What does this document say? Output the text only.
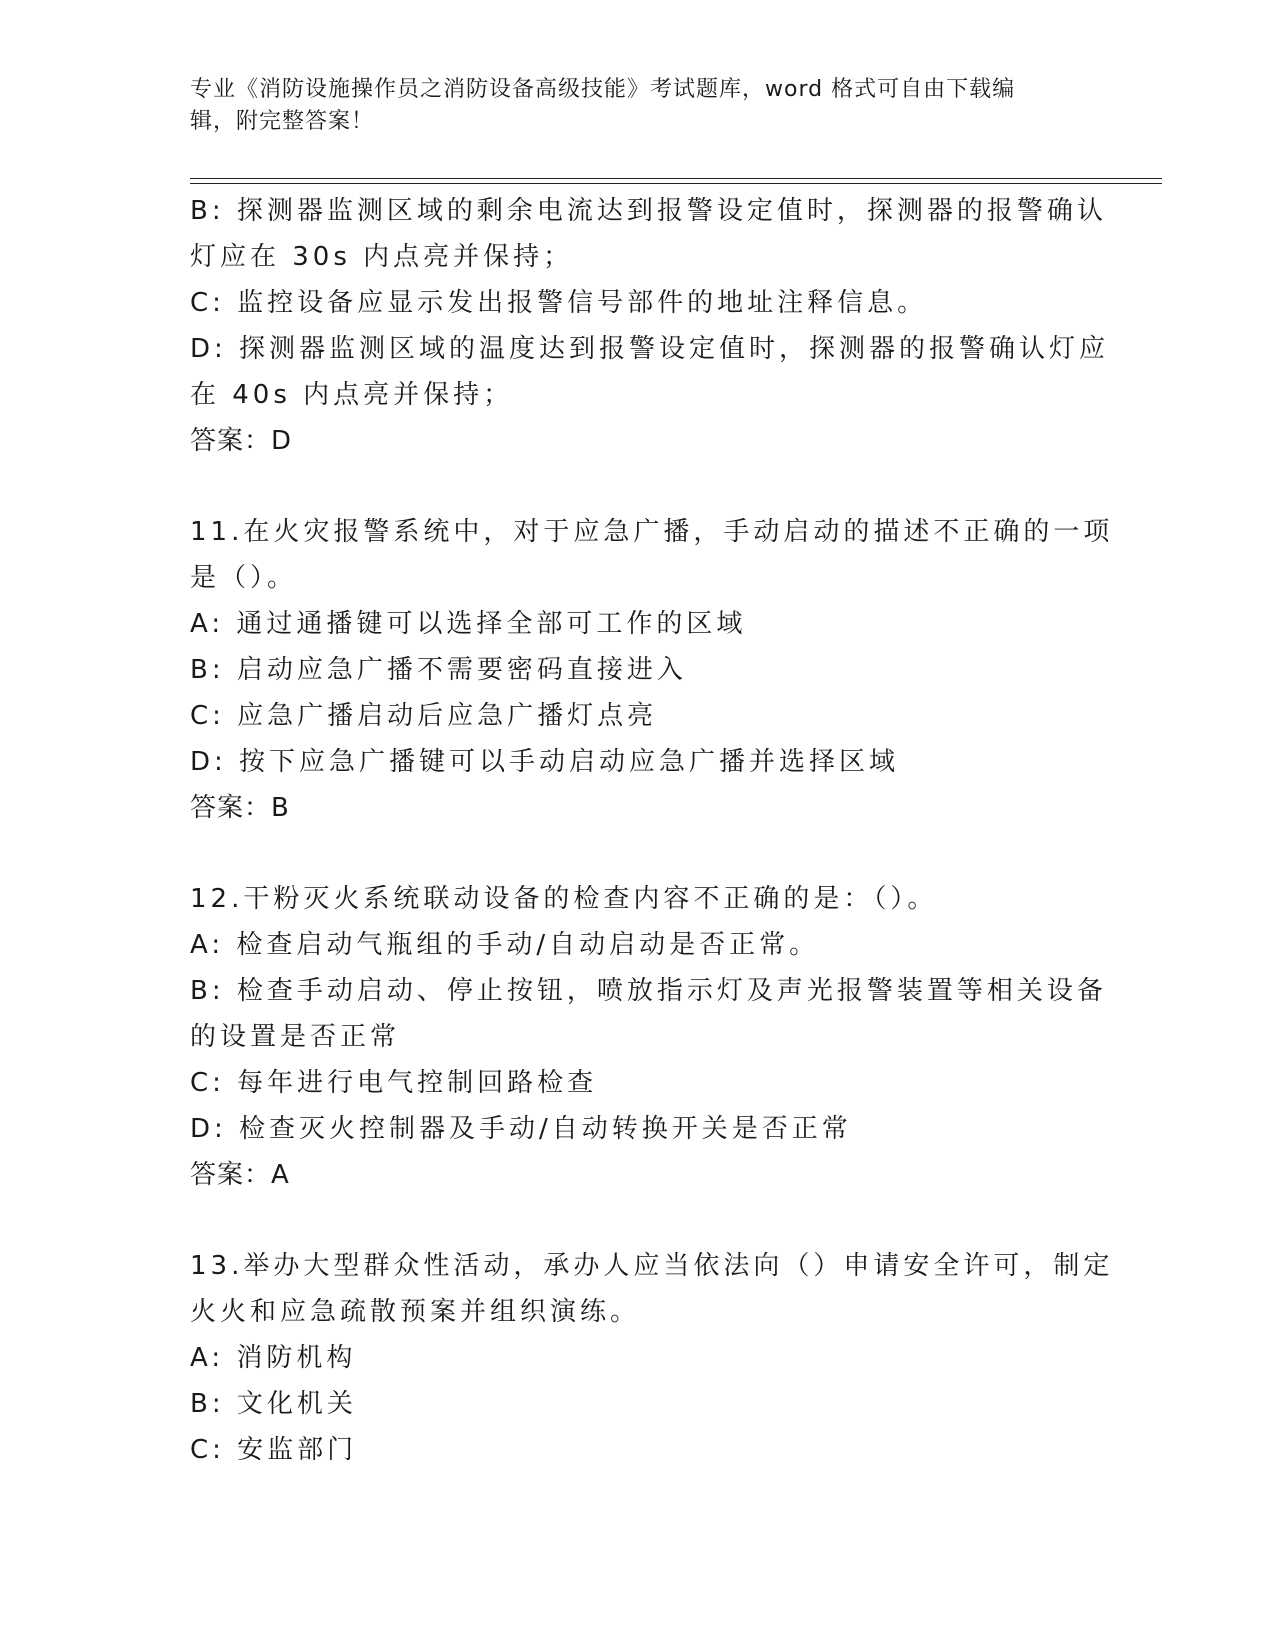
专业《消防设施操作员之消防设备高级技能》考试题库，word 格式可自由下载编
辑，附完整答案！
B: 探测器监测区域的剩余电流达到报警设定值时，探测器的报警确认
灯应在 30s 内点亮并保持；
C: 监控设备应显示发出报警信号部件的地址注释信息。
D: 探测器监测区域的温度达到报警设定值时，探测器的报警确认灯应
在 40s 内点亮并保持；
答案：D
11.在火灾报警系统中，对于应急广播，手动启动的描述不正确的一项
是（）。
A: 通过通播键可以选择全部可工作的区域
B: 启动应急广播不需要密码直接进入
C: 应急广播启动后应急广播灯点亮
D: 按下应急广播键可以手动启动应急广播并选择区域
答案：B
12.干粉灭火系统联动设备的检查内容不正确的是：（）。
A: 检查启动气瓶组的手动/自动启动是否正常。
B: 检查手动启动、停止按钮，喷放指示灯及声光报警装置等相关设备
的设置是否正常
C: 每年进行电气控制回路检查
D: 检查灭火控制器及手动/自动转换开关是否正常
答案：A
13.举办大型群众性活动，承办人应当依法向（）申请安全许可，制定
火火和应急疏散预案并组织演练。
A: 消防机构
B: 文化机关
C: 安监部门
